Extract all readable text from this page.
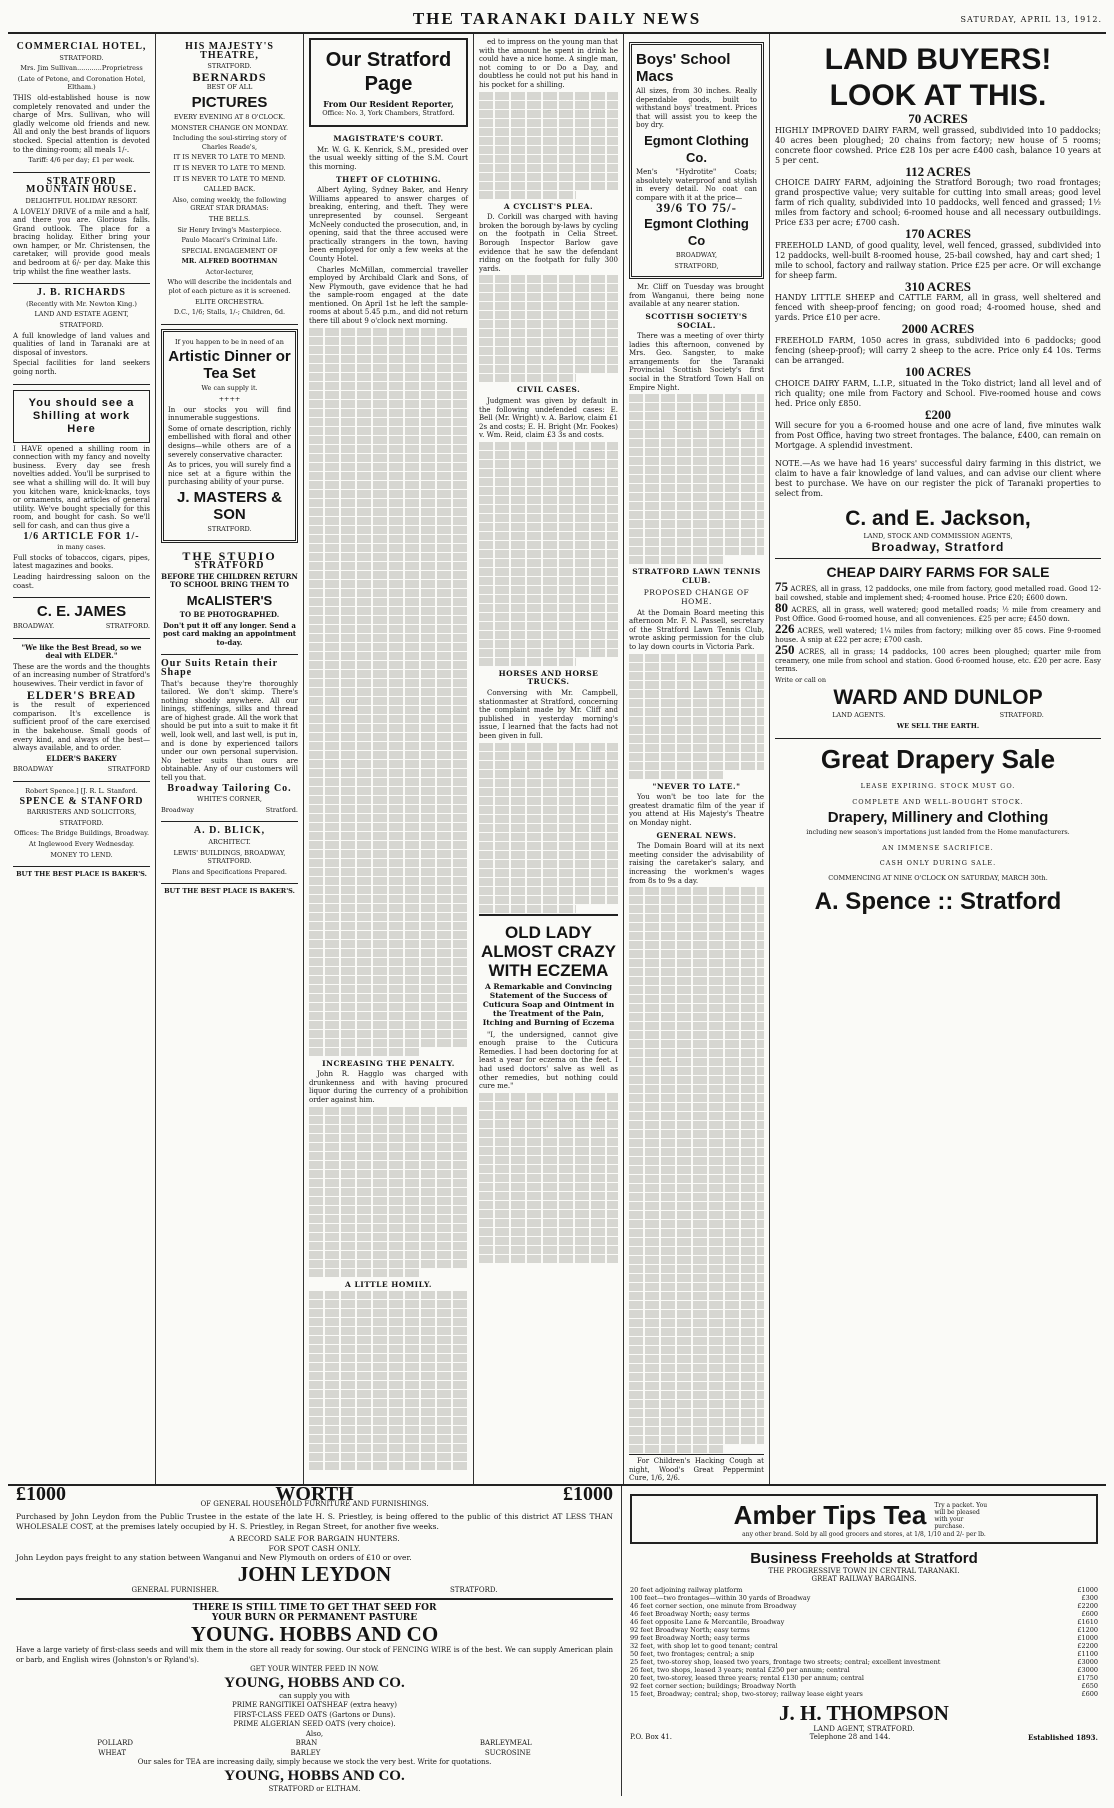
THE TARANAKI DAILY NEWS	SATURDAY, APRIL 13, 1912.

COMMERCIAL HOTEL,

STRATFORD.

Mrs. Jim Sullivan............Proprietress

(Late of Petone, and Coronation Hotel, Eltham.)

THIS old-established house is now completely renovated and under the charge of Mrs. Sullivan, who will gladly welcome old friends and new. All and only the best brands of liquors stocked. Special attention is devoted to the dining-room; all meals 1/-.

Tariff: 4/6 per day; £1 per week.

STRATFORD MOUNTAIN HOUSE.

DELIGHTFUL HOLIDAY RESORT.

A LOVELY DRIVE of a mile and a half, and there you are. Glorious falls. Grand outlook. The place for a bracing holiday. Either bring your own hamper, or Mr. Christensen, the caretaker, will provide good meals and bedroom at 6/- per day. Make this trip whilst the fine weather lasts.

J. B. RICHARDS

(Recently with Mr. Newton King.)

LAND AND ESTATE AGENT,

STRATFORD.

A full knowledge of land values and qualities of land in Taranaki are at disposal of investors.

Special facilities for land seekers going north.

You should see a Shilling at work Here

I HAVE opened a shilling room in connection with my fancy and novelty business. Every day see fresh novelties added. You'll be surprised to see what a shilling will do. It will buy you kitchen ware, knick-knacks, toys or ornaments, and articles of general utility. We've bought specially for this room, and bought for cash. So we'll sell for cash, and can thus give a

1/6 ARTICLE FOR 1/-

in many cases.

Full stocks of tobaccos, cigars, pipes, latest magazines and books.

Leading hairdressing saloon on the coast.

C. E. JAMES

BROADWAY.	STRATFORD.

"We like the Best Bread, so we deal with ELDER."

These are the words and the thoughts of an increasing number of Stratford's housewives. Their verdict in favor of

ELDER'S BREAD

is the result of experienced comparison. It's excellence is sufficient proof of the care exercised in the bakehouse. Small goods of every kind, and always of the best—always available, and to order.

ELDER'S BAKERY

BROADWAY	STRATFORD

Robert Spence.] [J. R. L. Stanford.

SPENCE & STANFORD

BARRISTERS AND SOLICITORS,

STRATFORD.

Offices: The Bridge Buildings, Broadway.

At Inglewood Every Wednesday.

MONEY TO LEND.

BUT THE BEST PLACE IS BAKER'S.

HIS MAJESTY'S THEATRE,

STRATFORD.

BERNARDS

BEST OF ALL

PICTURES

EVERY EVENING AT 8 O'CLOCK.

MONSTER CHANGE ON MONDAY.

Including the soul-stirring story of Charles Reade's,

IT IS NEVER TO LATE TO MEND.

IT IS NEVER TO LATE TO MEND.

IT IS NEVER TO LATE TO MEND.

CALLED BACK.

Also, coming weekly, the following GREAT STAR DRAMAS:

THE BELLS.

Sir Henry Irving's Masterpiece.

Paulo Macari's Criminal Life.

SPECIAL ENGAGEMENT OF

MR. ALFRED BOOTHMAN

Actor-lecturer,

Who will describe the incidentals and plot of each picture as it is screened.

ELITE ORCHESTRA.

D.C., 1/6; Stalls, 1/-; Children, 6d.

If you happen to be in need of an

Artistic Dinner or Tea Set

We can supply it.

++++

In our stocks you will find innumerable suggestions.

Some of ornate description, richly embellished with floral and other designs—while others are of a severely conservative character.

As to prices, you will surely find a nice set at a figure within the purchasing ability of your purse.

J. MASTERS & SON

STRATFORD.

THE STUDIO

STRATFORD

BEFORE THE CHILDREN RETURN TO SCHOOL BRING THEM TO

McALISTER'S

TO BE PHOTOGRAPHED.

Don't put it off any longer. Send a post card making an appointment to-day.

Our Suits Retain their Shape

That's because they're thoroughly tailored. We don't skimp. There's nothing shoddy anywhere. All our linings, stiffenings, silks and thread are of highest grade. All the work that should be put into a suit to make it fit well, look well, and last well, is put in, and is done by experienced tailors under our own personal supervision. No better suits than ours are obtainable. Any of our customers will tell you that.

Broadway Tailoring Co.

WHITE'S CORNER,

Broadway	Stratford.

A. D. BLICK,

ARCHITECT.

LEWIS' BUILDINGS, BROADWAY, STRATFORD.

Plans and Specifications Prepared.

BUT THE BEST PLACE IS BAKER'S.

Our Stratford Page

From Our Resident Reporter,

Office: No. 3, York Chambers, Stratford.

MAGISTRATE'S COURT.

Mr. W. G. K. Kenrick, S.M., presided over the usual weekly sitting of the S.M. Court this morning.

THEFT OF CLOTHING.

Albert Ayling, Sydney Baker, and Henry Williams appeared to answer charges of breaking, entering, and theft. They were unrepresented by counsel. Sergeant McNeely conducted the prosecution, and, in opening, said that the three accused were practically strangers in the town, having been employed for only a few weeks at the County Hotel.

Charles McMillan, commercial traveller employed by Archibald Clark and Sons, of New Plymouth, gave evidence that he had the sample-room engaged at the date mentioned. On April 1st he left the sample-rooms at about 5.45 p.m., and did not return there till about 9 o'clock next morning.

INCREASING THE PENALTY.

John R. Hagglo was charged with drunkenness and with having procured liquor during the currency of a prohibition order against him.

A LITTLE HOMILY.

ed to impress on the young man that with the amount he spent in drink he could have a nice home. A single man, not coming to or Do a Day, and doubtless he could not put his hand in his pocket for a shilling.

A CYCLIST'S PLEA.

D. Corkill was charged with having broken the borough by-laws by cycling on the footpath in Celia Street. Borough Inspector Barlow gave evidence that he saw the defendant riding on the footpath for fully 300 yards.

CIVIL CASES.

Judgment was given by default in the following undefended cases: E. Bell (Mr. Wright) v. A. Barlow, claim £1 2s and costs; E. H. Bright (Mr. Fookes) v. Wm. Reid, claim £3 3s and costs.

HORSES AND HORSE TRUCKS.

Conversing with Mr. Campbell, stationmaster at Stratford, concerning the complaint made by Mr. Cliff and published in yesterday morning's issue, I learned that the facts had not been given in full.

OLD LADY ALMOST CRAZY WITH ECZEMA

A Remarkable and Convincing Statement of the Success of Cuticura Soap and Ointment in the Treatment of the Pain, Itching and Burning of Eczema

"I, the undersigned, cannot give enough praise to the Cuticura Remedies. I had been doctoring for at least a year for eczema on the feet. I had used doctors' salve as well as other remedies, but nothing could cure me."

Boys' School Macs

All sizes, from 30 inches. Really dependable goods, built to withstand boys' treatment. Prices that will assist you to keep the boy dry.

Egmont Clothing Co.

Men's "Hydrotite" Coats; absolutely waterproof and stylish in every detail. No coat can compare with it at the price—

39/6 TO 75/-

Egmont Clothing Co

BROADWAY,

STRATFORD,

Mr. Cliff on Tuesday was brought from Wanganui, there being none available at any nearer station.

SCOTTISH SOCIETY'S SOCIAL.

There was a meeting of over thirty ladies this afternoon, convened by Mrs. Geo. Sangster, to make arrangements for the Taranaki Provincial Scottish Society's first social in the Stratford Town Hall on Empire Night.

STRATFORD LAWN TENNIS CLUB.

PROPOSED CHANGE OF HOME.

At the Domain Board meeting this afternoon Mr. F. N. Passell, secretary of the Stratford Lawn Tennis Club, wrote asking permission for the club to lay down courts in Victoria Park.

"NEVER TO LATE."

You won't be too late for the greatest dramatic film of the year if you attend at His Majesty's Theatre on Monday night.

GENERAL NEWS.

The Domain Board will at its next meeting consider the advisability of raising the caretaker's salary, and increasing the workmen's wages from 8s to 9s a day.

For Children's Hacking Cough at night, Wood's Great Peppermint Cure, 1/6, 2/6.

LAND BUYERS!

LOOK AT THIS.

70 ACRES

HIGHLY IMPROVED DAIRY FARM, well grassed, subdivided into 10 paddocks; 40 acres been ploughed; 20 chains from factory; new house of 5 rooms; concrete floor cowshed. Price £28 10s per acre £400 cash, balance 10 years at 5 per cent.

112 ACRES

CHOICE DAIRY FARM, adjoining the Stratford Borough; two road frontages; grand prospective value; very suitable for cutting into small areas; good level farm of rich quality, subdivided into 10 paddocks, well fenced and grassed; 1½ miles from factory and school; 6-roomed house and all necessary outbuildings. Price £33 per acre; £700 cash.

170 ACRES

FREEHOLD LAND, of good quality, level, well fenced, grassed, subdivided into 12 paddocks, well-built 8-roomed house, 25-bail cowshed, hay and cart shed; 1 mile to school, factory and railway station. Price £25 per acre. Or will exchange for sheep farm.

310 ACRES

HANDY LITTLE SHEEP and CATTLE FARM, all in grass, well sheltered and fenced with sheep-proof fencing; on good road; 4-roomed house, shed and yards. Price £10 per acre.

2000 ACRES

FREEHOLD FARM, 1050 acres in grass, subdivided into 6 paddocks; good fencing (sheep-proof); will carry 2 sheep to the acre. Price only £4 10s. Terms can be arranged.

100 ACRES

CHOICE DAIRY FARM, L.I.P., situated in the Toko district; land all level and of rich quality; one mile from Factory and School. Five-roomed house and cows hed. Price only £850.

£200

Will secure for you a 6-roomed house and one acre of land, five minutes walk from Post Office, having two street frontages. The balance, £400, can remain on Mortgage. A splendid investment.

NOTE.—As we have had 16 years' successful dairy farming in this district, we claim to have a fair knowledge of land values, and can advise our client where best to purchase. We have on our register the pick of Taranaki properties to select from.

C. and E. Jackson,

LAND, STOCK AND COMMISSION AGENTS,

Broadway, Stratford

CHEAP DAIRY FARMS FOR SALE

75 ACRES, all in grass, 12 paddocks, one mile from factory, good metalled road. Good 12-bail cowshed, stable and implement shed; 4-roomed house. Price £20; £600 down.

80 ACRES, all in grass, well watered; good metalled roads; ½ mile from creamery and Post Office. Good 6-roomed house, and all conveniences. £25 per acre; £450 down.

226 ACRES, well watered; 1¼ miles from factory; milking over 85 cows. Fine 9-roomed house. A snip at £22 per acre; £700 cash.

250 ACRES, all in grass; 14 paddocks, 100 acres been ploughed; quarter mile from creamery, one mile from school and station. Good 6-roomed house, etc. £20 per acre. Easy terms.

Write or call on

WARD AND DUNLOP

LAND AGENTS.	STRATFORD.

WE SELL THE EARTH.

Great Drapery Sale

LEASE EXPIRING. STOCK MUST GO.

COMPLETE AND WELL-BOUGHT STOCK.

Drapery, Millinery and Clothing

including new season's importations just landed from the Home manufacturers.

AN IMMENSE SACRIFICE.

CASH ONLY DURING SALE.

COMMENCING AT NINE O'CLOCK ON SATURDAY, MARCH 30th.

A. Spence :: Stratford

£1000	WORTH	£1000

OF GENERAL HOUSEHOLD FURNITURE AND FURNISHINGS.

Purchased by John Leydon from the Public Trustee in the estate of the late H. S. Priestley, is being offered to the public of this district AT LESS THAN WHOLESALE COST, at the premises lately occupied by H. S. Priestley, in Regan Street, for another five weeks.

A RECORD SALE FOR BARGAIN HUNTERS.

FOR SPOT CASH ONLY.

John Leydon pays freight to any station between Wanganui and New Plymouth on orders of £10 or over.

JOHN LEYDON

GENERAL FURNISHER.	STRATFORD.

THERE IS STILL TIME TO GET THAT SEED FOR

YOUR BURN OR PERMANENT PASTURE

YOUNG. HOBBS AND CO

Have a large variety of first-class seeds and will mix them in the store all ready for sowing. Our stock of FENCING WIRE is of the best. We can supply American plain or barb, and English wires (Johnston's or Ryland's).

GET YOUR WINTER FEED IN NOW.

YOUNG, HOBBS AND CO.

can supply you with

PRIME RANGITIKEI OATSHEAF (extra heavy)

FIRST-CLASS FEED OATS (Gartons or Duns).

PRIME ALGERIAN SEED OATS (very choice).

Also,

POLLARD	BRAN	BARLEYMEAL

WHEAT	BARLEY	SUCROSINE

Our sales for TEA are increasing daily, simply because we stock the very best. Write for quotations.

YOUNG, HOBBS AND CO.

STRATFORD or ELTHAM.

Amber Tips Tea Try a packet. You will be pleased with your purchase.

any other brand. Sold by all good grocers and stores, at 1/8, 1/10 and 2/- per lb.

Business Freeholds at Stratford

THE PROGRESSIVE TOWN IN CENTRAL TARANAKI.

GREAT RAILWAY BARGAINS.

20 feet adjoining railway platform	£1000
100 feet—two frontages—within 30 yards of Broadway	£300
46 feet corner section, one minute from Broadway	£2200
46 feet Broadway North; easy terms	£600
46 feet opposite Lane & Mercantile, Broadway	£1610
92 feet Broadway North; easy terms	£1200
99 feet Broadway North; easy terms	£1000
32 feet, with shop let to good tenant; central	£2200
50 feet, two frontages; central; a snip	£1100
25 feet, two-storey shop, leased two years, frontage two streets; central; excellent investment	£3000
26 feet, two shops, leased 3 years; rental £250 per annum; central	£3000
20 feet, two-storey, leased three years; rental £130 per annum; central	£1750
92 feet corner section; buildings; Broadway North	£650
15 feet, Broadway; central; shop, two-storey; railway lease eight years	£600

J. H. THOMPSON

LAND AGENT, STRATFORD.

P.O. Box 41.	Telephone 28 and 144.	Established 1893.
